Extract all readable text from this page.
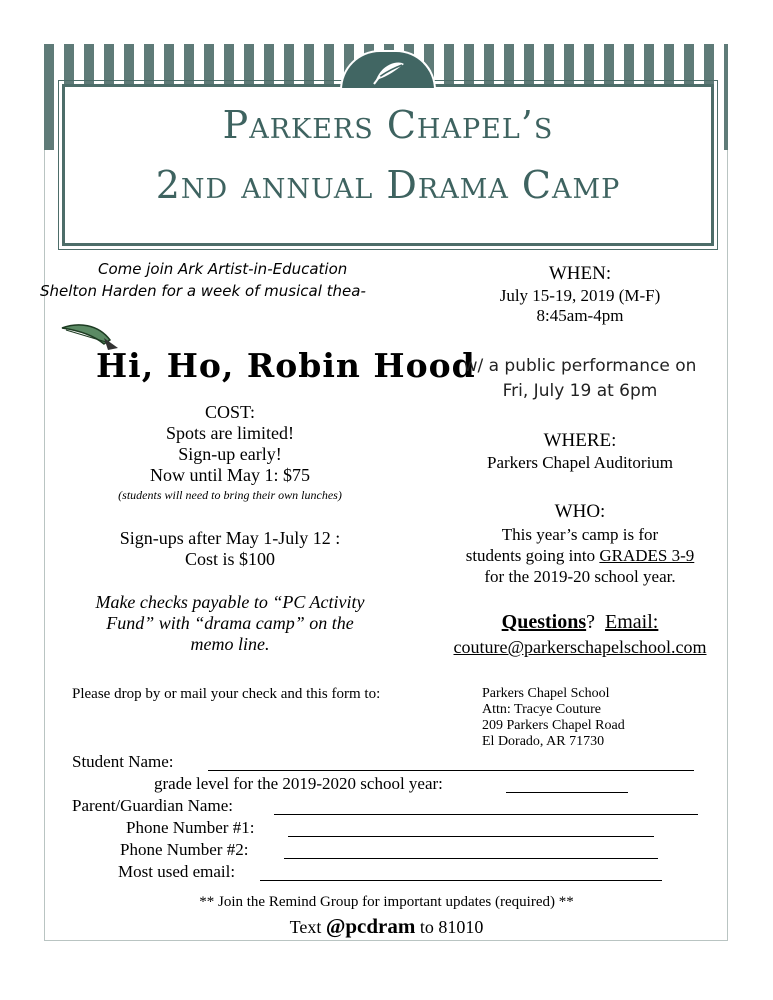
Parkers Chapel’s
2nd annual Drama Camp
Come join Ark Artist-in-Education
Shelton Harden for a week of musical thea-
Hi, Ho, Robin Hood
COST:
Spots are limited!
Sign-up early!
Now until May 1: $75
(students will need to bring their own lunches)
Sign-ups after May 1-July 12 :
Cost is $100
Make checks payable to “PC Activity
Fund” with “drama camp” on the
memo line.
WHEN:
July 15-19, 2019 (M-F)
8:45am-4pm
w/ a public performance on
Fri, July 19 at 6pm
WHERE:
Parkers Chapel Auditorium
WHO:
This year’s camp is for
students going into GRADES 3-9
for the 2019-20 school year.
Questions? Email:
couture@parkerschapelschool.com
Please drop by or mail your check and this form to:	Parkers Chapel School
Attn: Tracye Couture
209 Parkers Chapel Road
El Dorado, AR 71730
Student Name:
grade level for the 2019-2020 school year:
Parent/Guardian Name:
Phone Number #1:
Phone Number #2:
Most used email:
** Join the Remind Group for important updates (required) **
Text @pcdram to 81010
